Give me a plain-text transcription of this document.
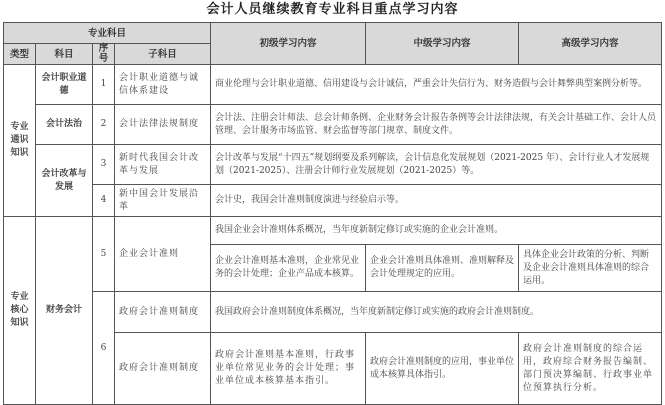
会计人员继续教育专业科目重点学习内容
专业科目				初级学习内容	中级学习内容	高级学习内容
类型	科目	序号	子科目			
专业通识知识	会计职业道德	1	会计职业道德与诚信体系建设	商业伦理与会计职业道德、信用建设与会计诚信，严重会计失信行为、财务造假与会计舞弊典型案例分析等。		
	会计法治	2	会计法律法规制度	会计法、注册会计师法、总会计师条例、企业财务会计报告条例等会计法律法规，有关会计基础工作、会计人员管理、会计服务市场监管、财会监督等部门规章、制度文件。		
	会计改革与发展	3	新时代我国会计改革与发展	会计改革与发展“十四五”规划纲要及系列解读，会计信息化发展规划（2021-2025 年）、会计行业人才发展规划（2021-2025）、注册会计师行业发展规划（2021-2025）等。		
		4	新中国会计发展沿革	会计史，我国会计准则制度演进与经验启示等。		
专业核心知识	财务会计	5	企业会计准则	我国企业会计准则体系概况，当年度新制定修订或实施的企业会计准则。		
				企业会计准则基本准则，企业常见业务的会计处理；企业产品成本核算。	企业会计准则具体准则、准则解释及会计处理规定的应用。	具体企业会计政策的分析、判断及企业会计准则具体准则的综合运用。
		6	政府会计准则制度	我国政府会计准则制度体系概况，当年度新制定修订或实施的政府会计准则制度。		
			政府会计准则制度	政府会计准则基本准则，行政事业单位常见业务的会计处理；事业单位成本核算基本指引。	政府会计准则制度的应用，事业单位成本核算具体指引。	政府会计准则制度的综合运用，政府综合财务报告编制、部门预决算编制、行政事业单位预算执行分析。
